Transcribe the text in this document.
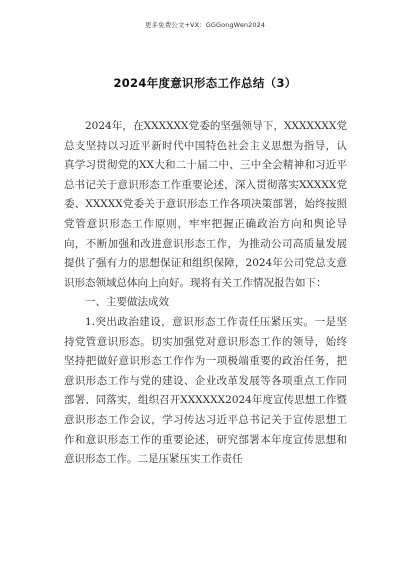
更多免费公文+VX：GGGongWen2024
2024年度意识形态工作总结（3）

2024年，在XXXXXX党委的坚强领导下，XXXXXXX党总支坚持以习近平新时代中国特色社会主义思想为指导，认真学习贯彻党的XX大和二十届二中、三中全会精神和习近平总书记关于意识形态工作重要论述，深入贯彻落实XXXXX党委、XXXXX党委关于意识形态工作各项决策部署，始终按照党管意识形态工作原则，牢牢把握正确政治方向和舆论导向，不断加强和改进意识形态工作，为推动公司高质量发展提供了强有力的思想保证和组织保障，2024年公司党总支意识形态领域总体向上向好。现将有关工作情况报告如下：

一、主要做法成效

1.突出政治建设，意识形态工作责任压紧压实。一是坚持党管意识形态。切实加强党对意识形态工作的领导，始终坚持把做好意识形态工作作为一项极端重要的政治任务，把意识形态工作与党的建设、企业改革发展等各项重点工作同部署、同落实，组织召开XXXXXX2024年度宣传思想工作暨意识形态工作会议，学习传达习近平总书记关于宣传思想工作和意识形态工作的重要论述，研究部署本年度宣传思想和意识形态工作。二是压紧压实工作责任
